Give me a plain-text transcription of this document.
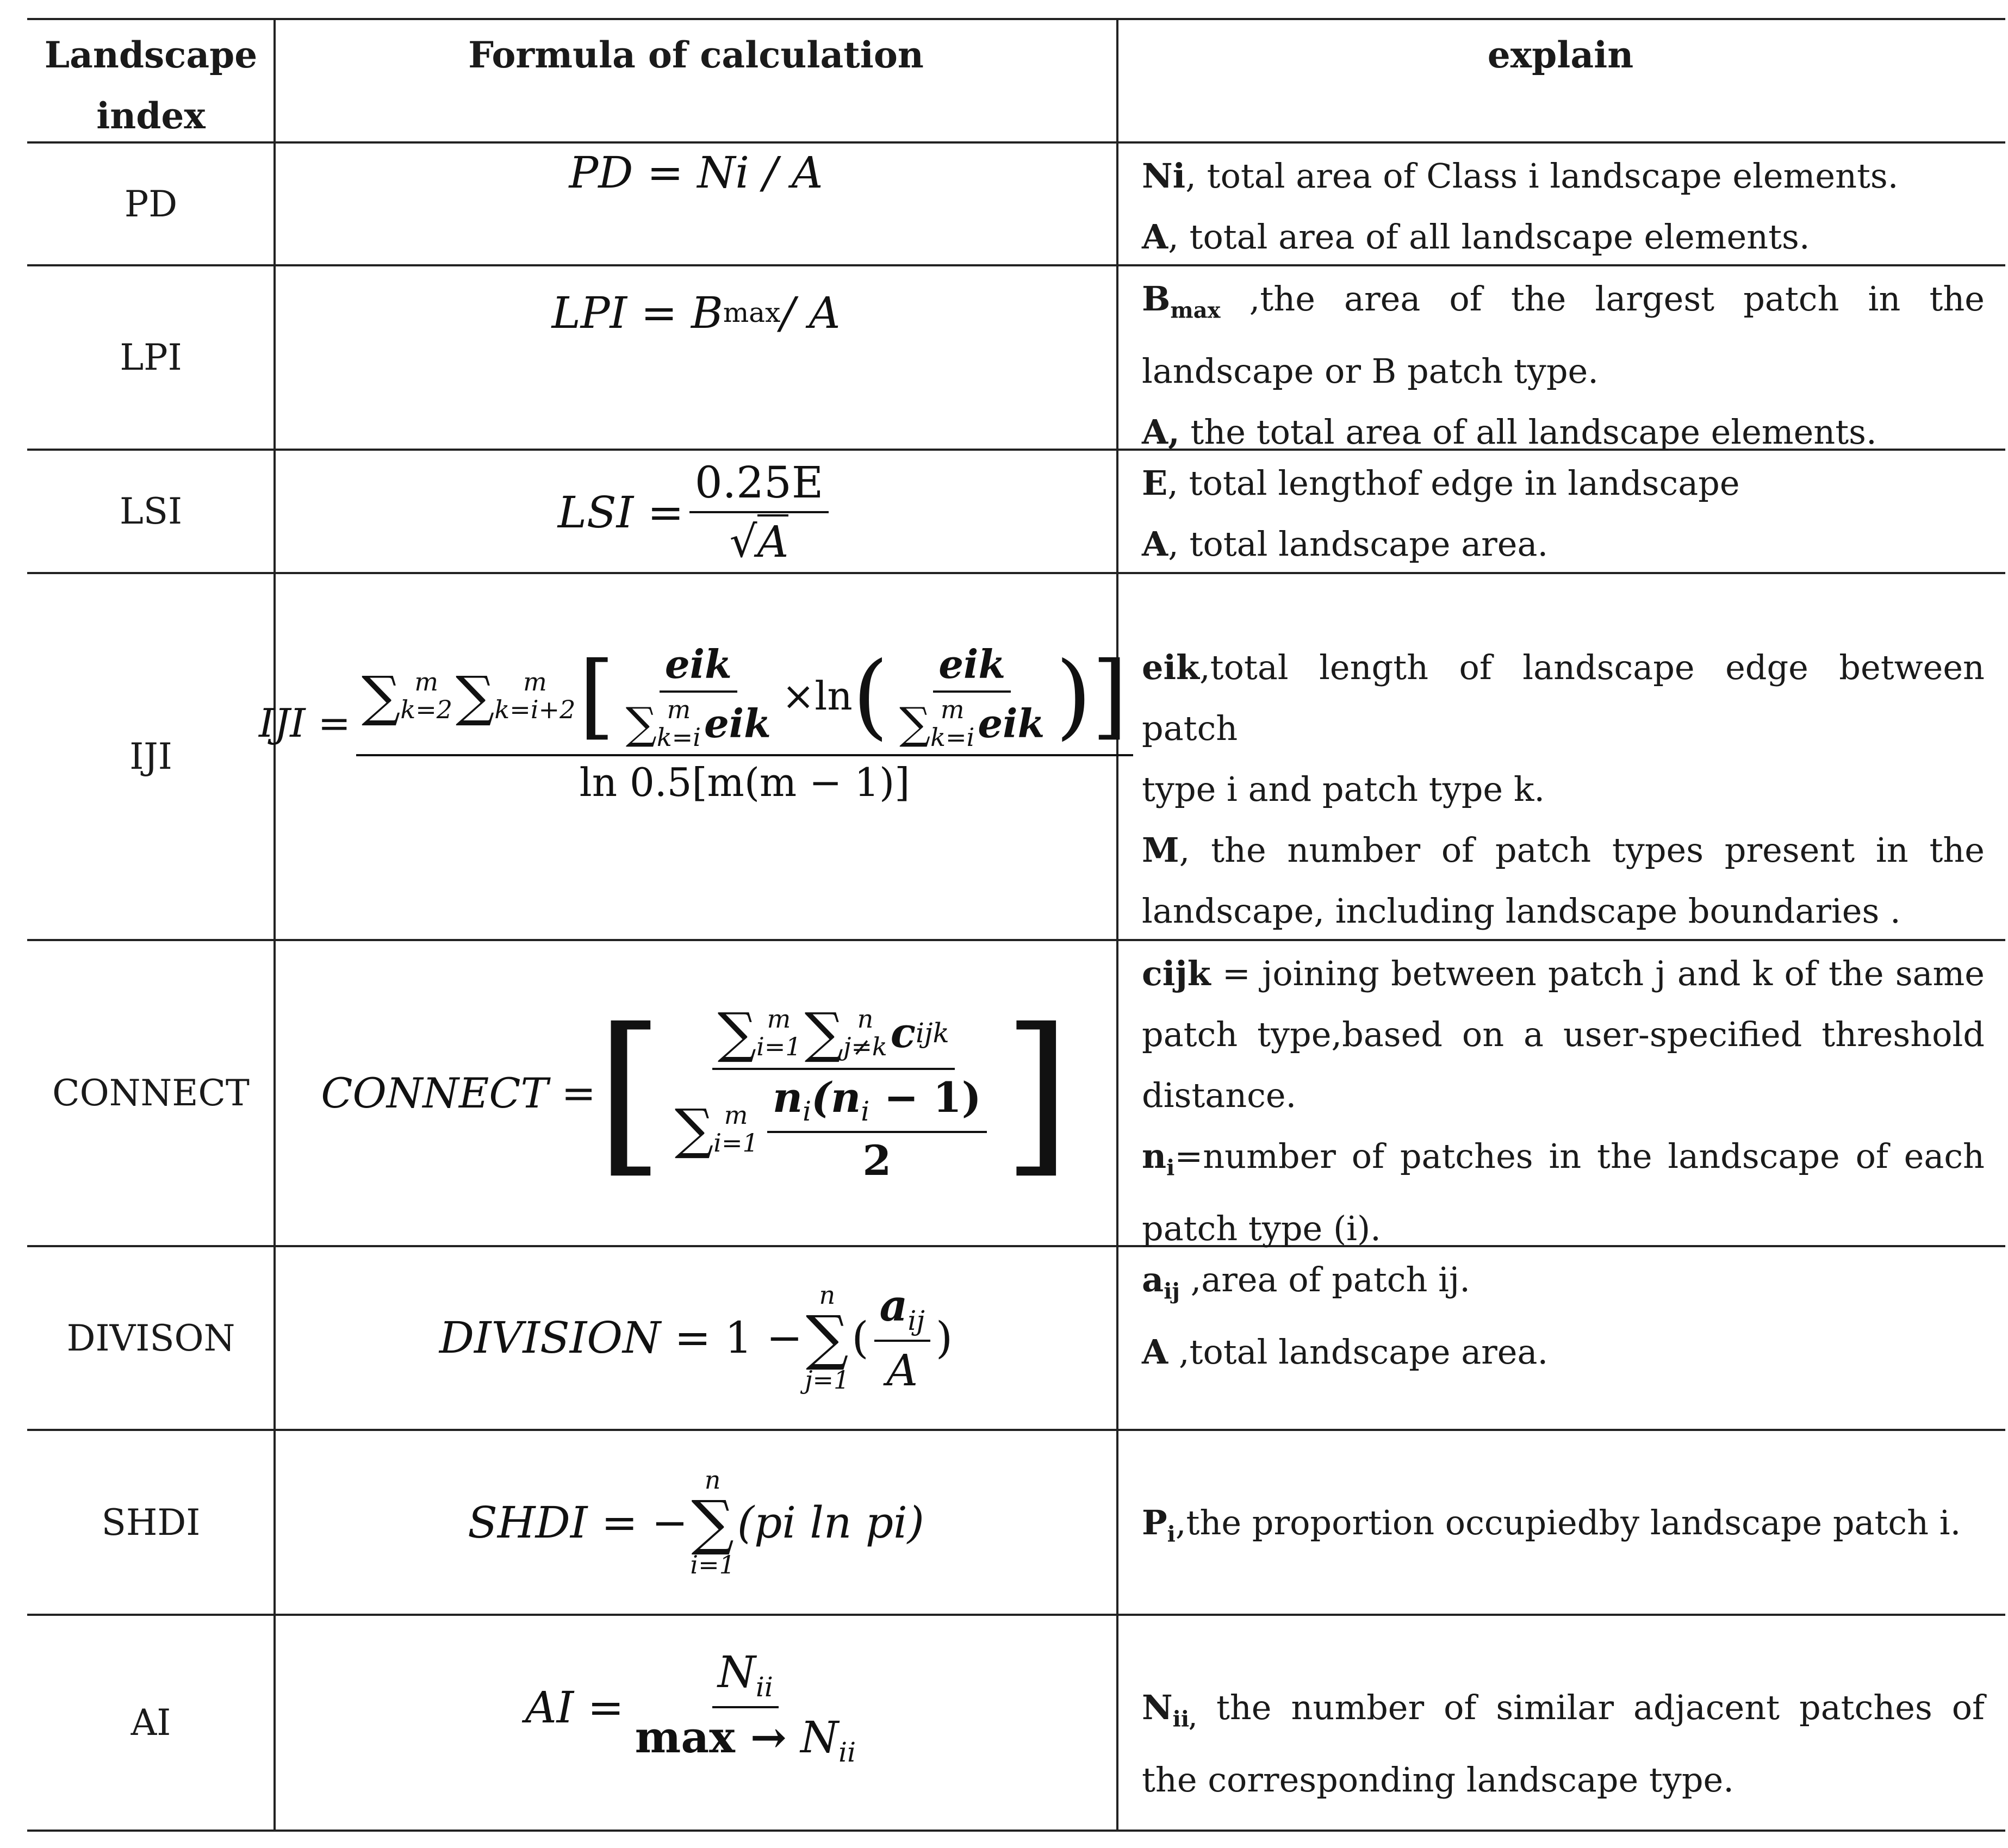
Landscape index
Formula of calculation	explain
PD
LPI
LSI
IJI
CONNECT
DIVISON
SHDI
AI
Ni, total area of Class i landscape elements.
A, total area of all landscape elements.
$B_{max}$ ,the area of the largest patch in the
landscape or B patch type.
A, the total area of all landscape elements.
E, total lengthof edge in landscape
A, total landscape area.
eik,total length of landscape edge between patch
type i and patch type k.
M, the number of patch types present in the
landscape, including landscape boundaries .
cijk = joining between patch j and k of the same
patch type,based on a user-specified threshold
distance.
$n_i=number$ of patches in the landscape of each
patch type (i).
$a_{ij}$ ,area of patch ij.
A ,total landscape area.
$P_i,the$ proportion occupiedby landscape patch i.
$N_{ii,}$ the number of similar adjacent patches of
the corresponding landscape type.
PD
=
Ni / A
LPI
=
B max / A
LSI
= $\frac{0.25E}{√A}$
IJI
= ∑ m
k=2 ∑	m
k=i+2 [ eik
∑ m
k=i eik × ln ( eik
∑ m
k=i eik )]
ln 0.5[m(m − 1)]
CONNECT
= [ ∑ m
i=1 ∑ n
j≠k c ijk
∑ m
$i=1 \frac{n_i(n_i - 1)}{2}$ ]
DIVISION
=
1 −
n
∑
j=1
( $\frac{a_{ij}}{A}$ )
SHDI
= −
n
∑
i=1
(pi ln pi)
AI
= $\frac{N_{ii}}{\max \to N_{ii}}$
